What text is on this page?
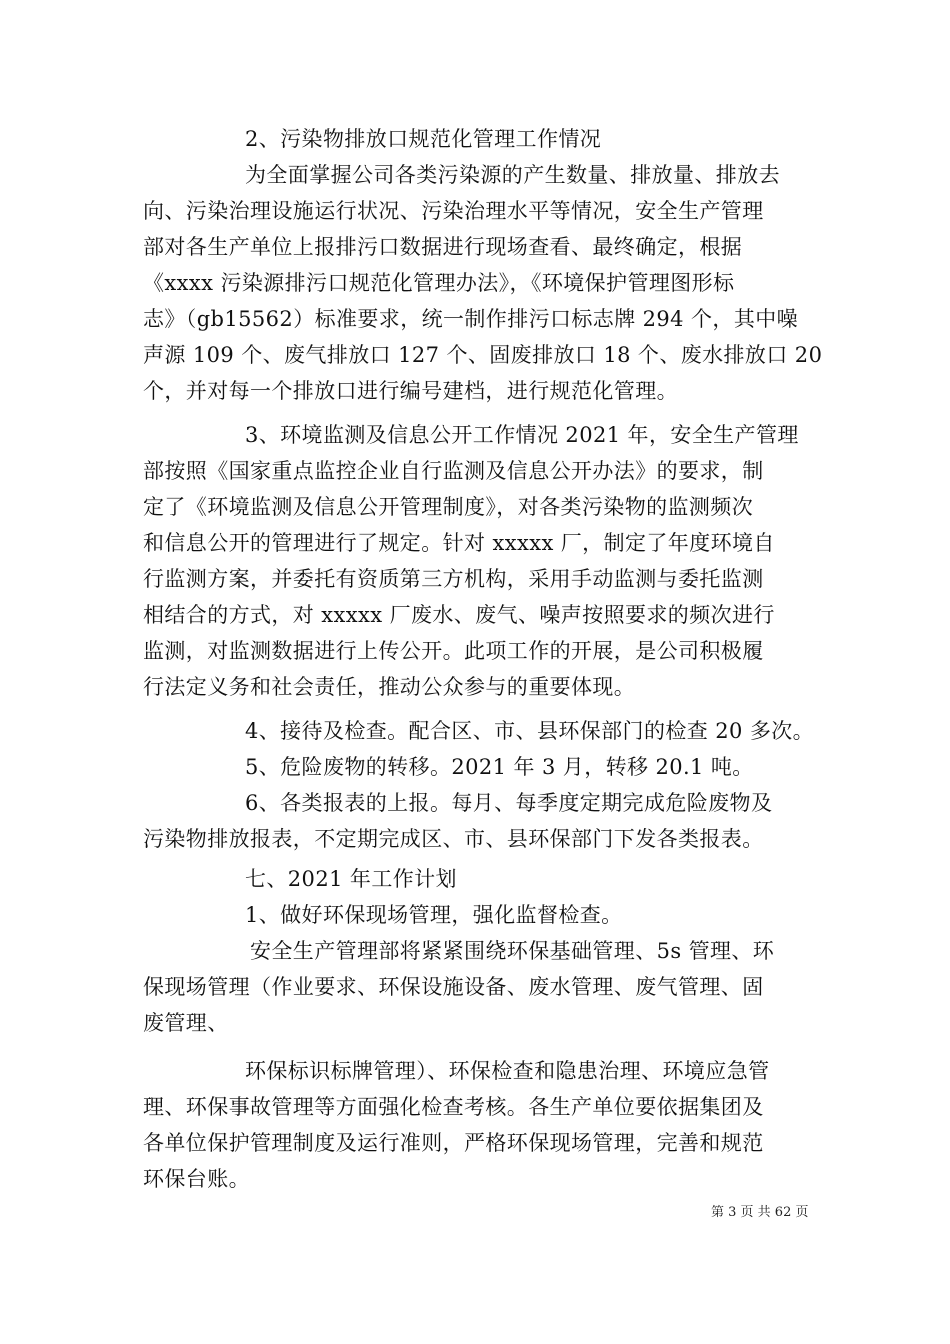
2、污染物排放口规范化管理工作情况
为全面掌握公司各类污染源的产生数量、排放量、排放去
向、污染治理设施运行状况、污染治理水平等情况，安全生产管理
部对各生产单位上报排污口数据进行现场查看、最终确定，根据
《xxxx 污染源排污口规范化管理办法》，《环境保护管理图形标
志》（gb15562）标准要求，统一制作排污口标志牌 294 个，其中噪
声源 109 个、废气排放口 127 个、固废排放口 18 个、废水排放口 20
个，并对每一个排放口进行编号建档，进行规范化管理。
3、环境监测及信息公开工作情况 2021 年，安全生产管理
部按照《国家重点监控企业自行监测及信息公开办法》的要求，制
定了《环境监测及信息公开管理制度》，对各类污染物的监测频次
和信息公开的管理进行了规定。针对 xxxxx 厂，制定了年度环境自
行监测方案，并委托有资质第三方机构，采用手动监测与委托监测
相结合的方式，对 xxxxx 厂废水、废气、噪声按照要求的频次进行
监测，对监测数据进行上传公开。此项工作的开展，是公司积极履
行法定义务和社会责任，推动公众参与的重要体现。
4、接待及检查。配合区、市、县环保部门的检查 20 多次。
5、危险废物的转移。2021 年 3 月，转移 20.1 吨。
6、各类报表的上报。每月、每季度定期完成危险废物及
污染物排放报表，不定期完成区、市、县环保部门下发各类报表。
七、2021 年工作计划
1、做好环保现场管理，强化监督检查。
安全生产管理部将紧紧围绕环保基础管理、5s 管理、环
保现场管理（作业要求、环保设施设备、废水管理、废气管理、固
废管理、
环保标识标牌管理）、环保检查和隐患治理、环境应急管
理、环保事故管理等方面强化检查考核。各生产单位要依据集团及
各单位保护管理制度及运行准则，严格环保现场管理，完善和规范
环保台账。
第 3 页 共 62 页
